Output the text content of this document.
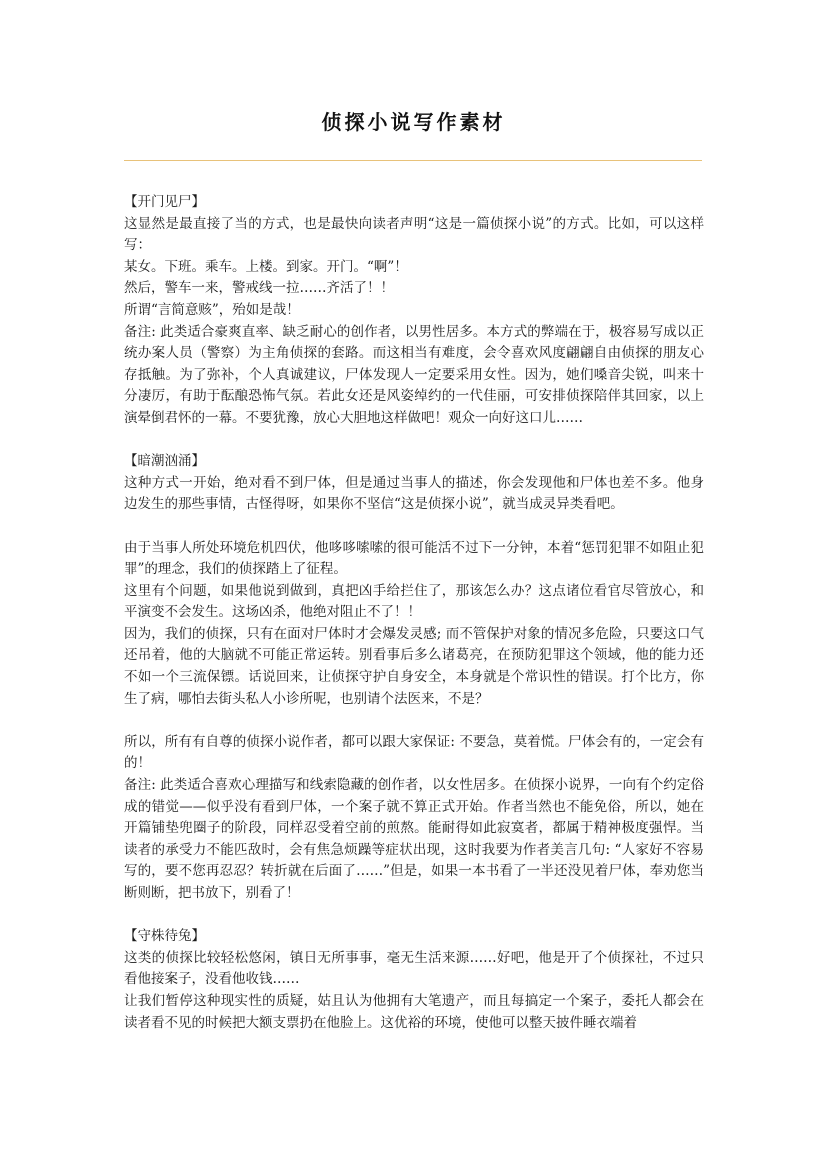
侦探小说写作素材

【开门见尸】

这显然是最直接了当的方式，也是最快向读者声明“这是一篇侦探小说”的方式。比如，可以这样写：

某女。下班。乘车。上楼。到家。开门。“啊”！

然后，警车一来，警戒线一拉……齐活了！！

所谓“言简意赅”，殆如是哉！

备注: 此类适合豪爽直率、缺乏耐心的创作者，以男性居多。本方式的弊端在于，极容易写成以正统办案人员（警察）为主角侦探的套路。而这相当有难度，会令喜欢风度翩翩自由侦探的朋友心存抵触。为了弥补，个人真诚建议，尸体发现人一定要采用女性。因为，她们嗓音尖锐，叫来十分凄厉，有助于酝酿恐怖气氛。若此女还是风姿绰约的一代佳丽，可安排侦探陪伴其回家，以上演晕倒君怀的一幕。不要犹豫，放心大胆地这样做吧！观众一向好这口儿……

【暗潮汹涌】

这种方式一开始，绝对看不到尸体，但是通过当事人的描述，你会发现他和尸体也差不多。他身边发生的那些事情，古怪得呀，如果你不坚信“这是侦探小说”，就当成灵异类看吧。

由于当事人所处环境危机四伏，他哆哆嗦嗦的很可能活不过下一分钟，本着“惩罚犯罪不如阻止犯罪”的理念，我们的侦探踏上了征程。

这里有个问题，如果他说到做到，真把凶手给拦住了，那该怎么办？这点诸位看官尽管放心，和平演变不会发生。这场凶杀，他绝对阻止不了！！

因为，我们的侦探，只有在面对尸体时才会爆发灵感; 而不管保护对象的情况多危险，只要这口气还吊着，他的大脑就不可能正常运转。别看事后多么诸葛亮，在预防犯罪这个领域，他的能力还不如一个三流保镖。话说回来，让侦探守护自身安全，本身就是个常识性的错误。打个比方，你生了病，哪怕去街头私人小诊所呢，也别请个法医来，不是？

所以，所有有自尊的侦探小说作者，都可以跟大家保证: 不要急，莫着慌。尸体会有的，一定会有的！

备注: 此类适合喜欢心理描写和线索隐藏的创作者，以女性居多。在侦探小说界，一向有个约定俗成的错觉——似乎没有看到尸体，一个案子就不算正式开始。作者当然也不能免俗，所以，她在开篇铺垫兜圈子的阶段，同样忍受着空前的煎熬。能耐得如此寂寞者，都属于精神极度强悍。当读者的承受力不能匹敌时，会有焦急烦躁等症状出现，这时我要为作者美言几句: “人家好不容易写的，要不您再忍忍？转折就在后面了……”但是，如果一本书看了一半还没见着尸体，奉劝您当断则断，把书放下，别看了！

【守株待兔】

这类的侦探比较轻松悠闲，镇日无所事事，毫无生活来源……好吧，他是开了个侦探社，不过只看他接案子，没看他收钱……

让我们暂停这种现实性的质疑，姑且认为他拥有大笔遗产，而且每搞定一个案子，委托人都会在读者看不见的时候把大额支票扔在他脸上。这优裕的环境，使他可以整天披件睡衣端着
